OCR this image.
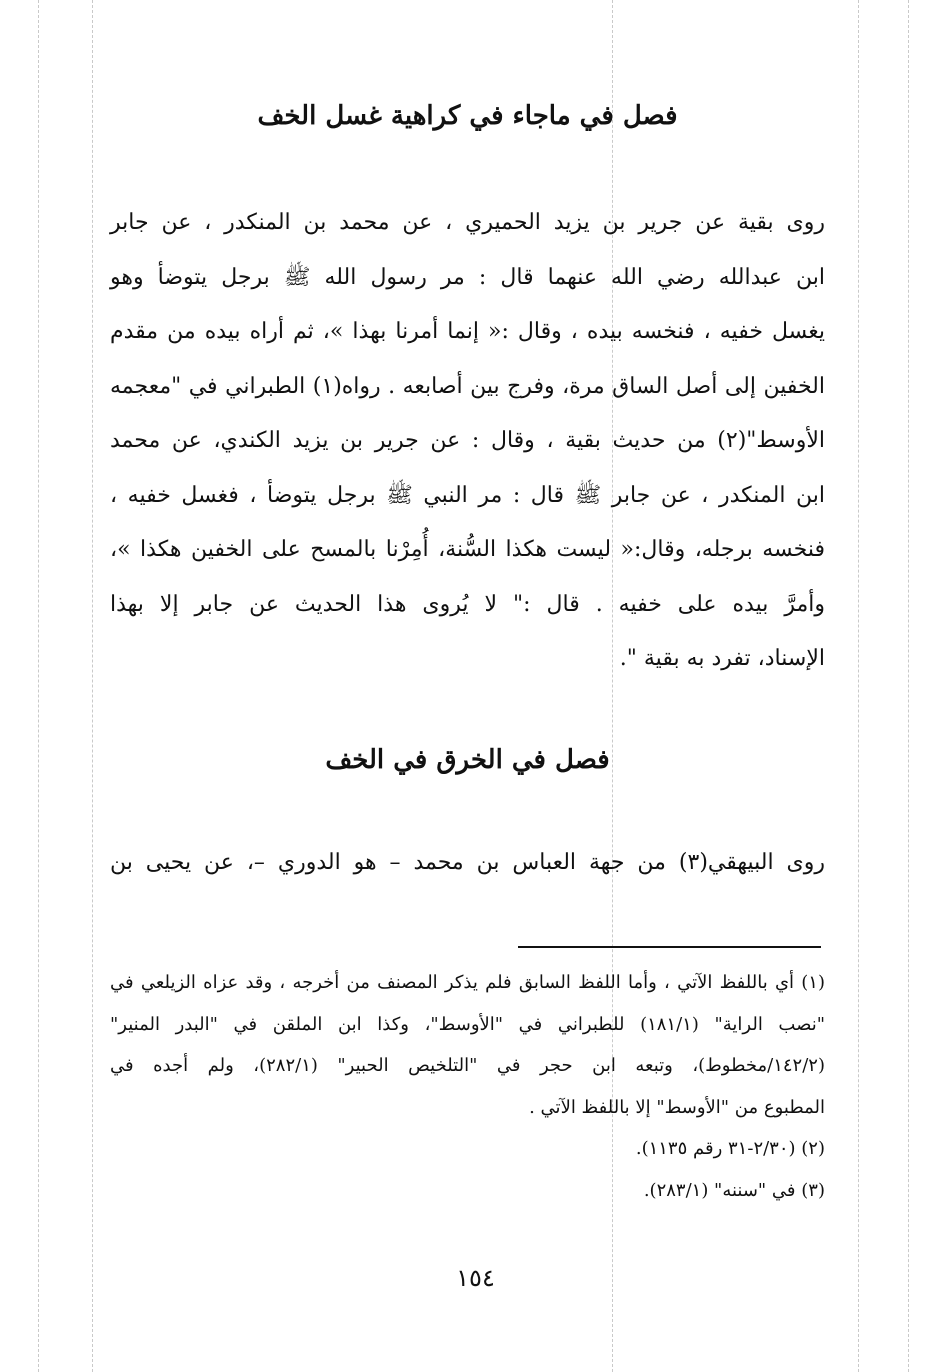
فصل في ماجاء في كراهية غسل الخف
روى بقية عن جرير بن يزيد الحميري ، عن محمد بن المنكدر ، عن جابر
ابن عبدالله رضي الله عنهما قال : مر رسول الله ﷺ برجل يتوضأ وهو
يغسل خفيه ، فنخسه بيده ، وقال :« إنما أمرنا بهذا »، ثم أراه بيده من مقدم
الخفين إلى أصل الساق مرة، وفرج بين أصابعه . رواه(١) الطبراني في "معجمه
الأوسط"(٢) من حديث بقية ، وقال : عن جرير بن يزيد الكندي، عن محمد
ابن المنكدر ، عن جابر ﷺ قال : مر النبي ﷺ برجل يتوضأ ، فغسل خفيه ،
فنخسه برجله، وقال:« ليست هكذا السُّنة، أُمِرْنا بالمسح على الخفين هكذا »،
وأمرَّ بيده على خفيه . قال :" لا يُروى هذا الحديث عن جابر إلا بهذا
الإسناد، تفرد به بقية ".
فصل في الخرق في الخف
روى البيهقي(٣) من جهة العباس بن محمد – هو الدوري –، عن يحيى بن
(١) أي باللفظ الآتي ، وأما اللفظ السابق فلم يذكر المصنف من أخرجه ، وقد عزاه الزيلعي في
"نصب الراية" (١٨١/١) للطبراني في "الأوسط"، وكذا ابن الملقن في "البدر المنير"
(١٤٢/٢/مخطوط)، وتبعه ابن حجر في "التلخيص الحبير" (٢٨٢/١)، ولم أجده في
المطبوع من "الأوسط" إلا باللفظ الآتي .
(٢) (٢/٣٠-٣١ رقم ١١٣٥).
(٣) في "سننه" (٢٨٣/١).
١٥٤
